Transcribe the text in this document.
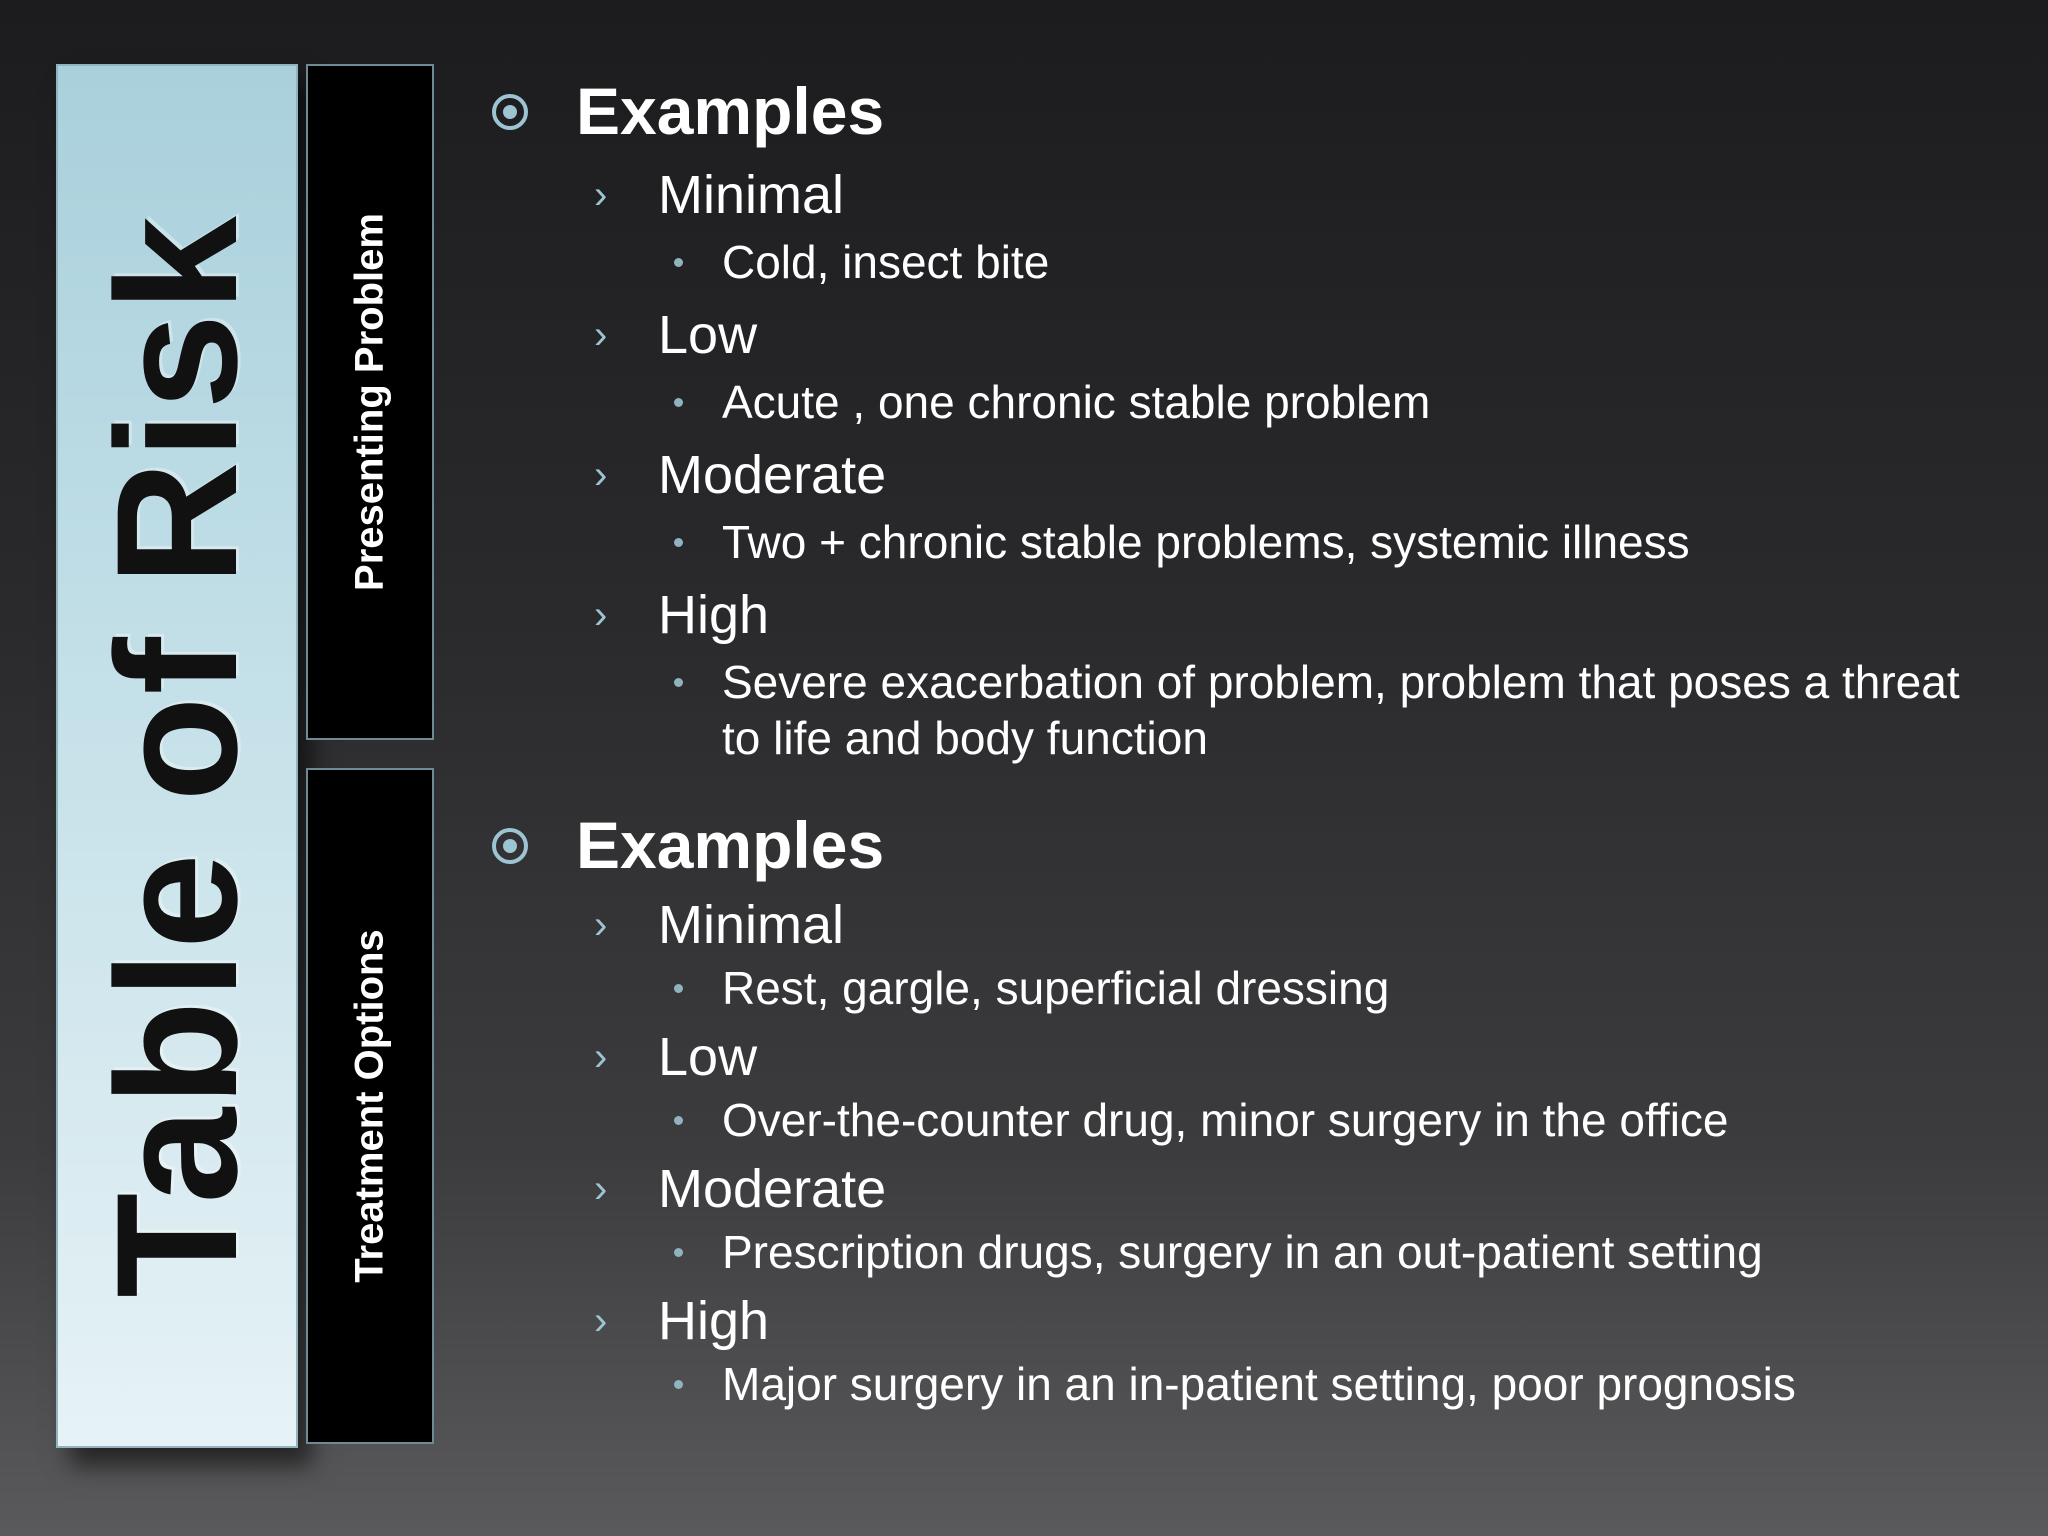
Table of Risk Presenting Problem
Treatment Options
Examples
› Minimal
Cold, insect bite
› Low
Acute , one chronic stable problem
› Moderate
Two + chronic stable problems, systemic illness
› High
Severe exacerbation of problem, problem that poses a threat to life and body function
Examples
› Minimal
Rest, gargle, superficial dressing
› Low
Over-the-counter drug, minor surgery in the office
› Moderate
Prescription drugs, surgery in an out-patient setting
› High
Major surgery in an in-patient setting, poor prognosis
